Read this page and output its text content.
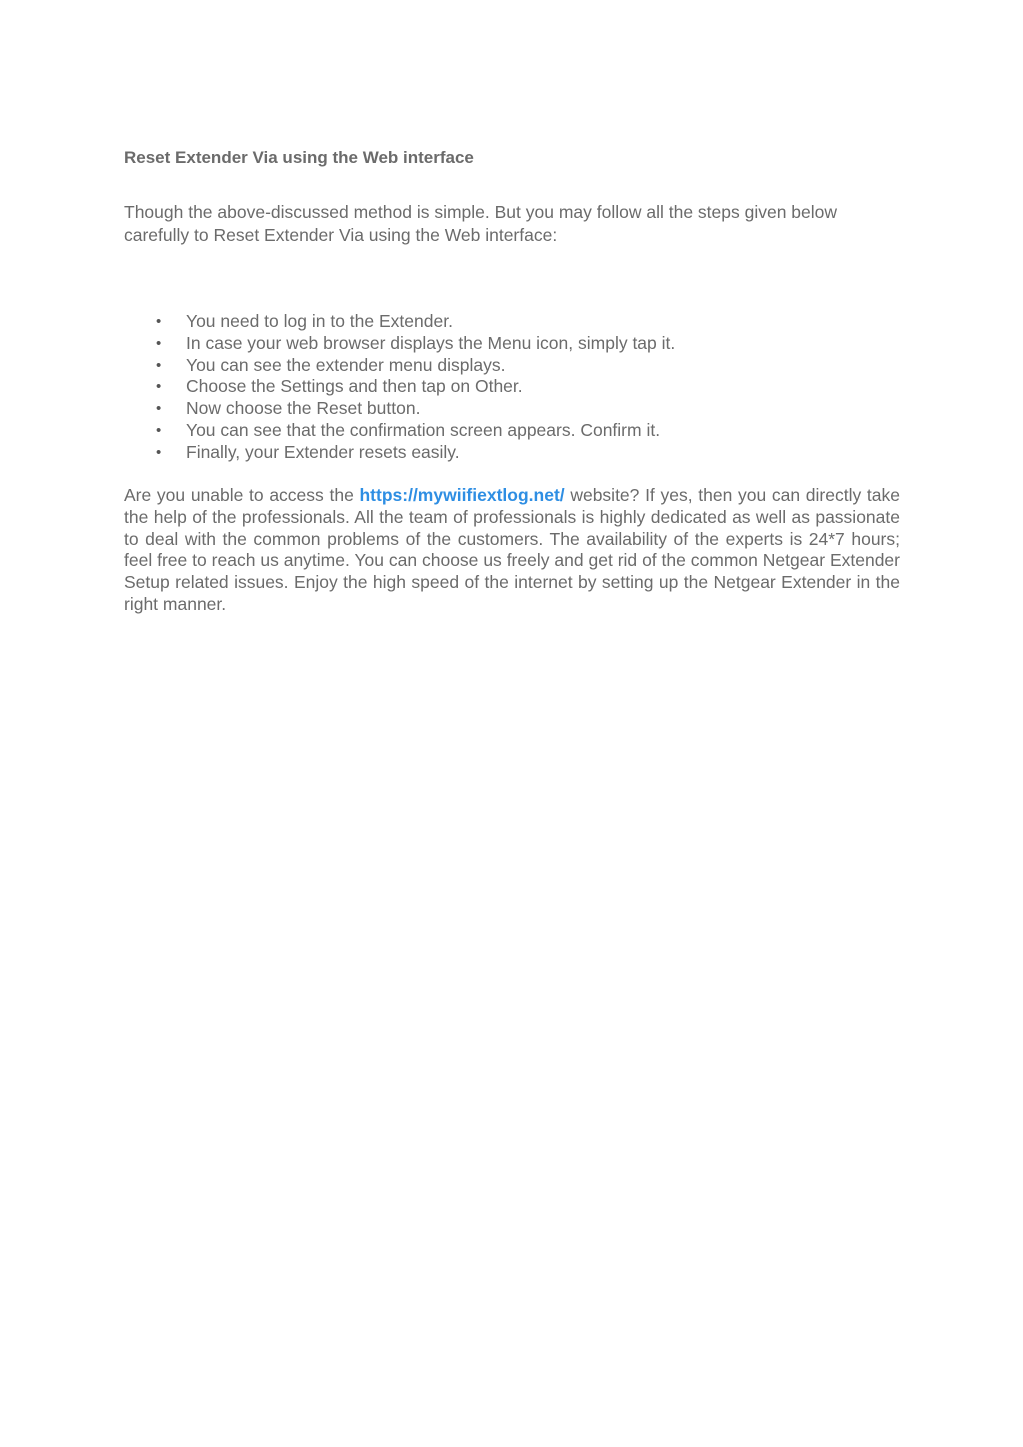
Reset Extender Via using the Web interface

Though the above-discussed method is simple. But you may follow all the steps given below carefully to Reset Extender Via using the Web interface:

• You need to log in to the Extender.
• In case your web browser displays the Menu icon, simply tap it.
• You can see the extender menu displays.
• Choose the Settings and then tap on Other.
• Now choose the Reset button.
• You can see that the confirmation screen appears. Confirm it.
• Finally, your Extender resets easily.

Are you unable to access the https://mywiifiextlog.net/ website? If yes, then you can directly take the help of the professionals. All the team of professionals is highly dedicated as well as passionate to deal with the common problems of the customers. The availability of the experts is 24*7 hours; feel free to reach us anytime. You can choose us freely and get rid of the common Netgear Extender Setup related issues. Enjoy the high speed of the internet by setting up the Netgear Extender in the right manner.
